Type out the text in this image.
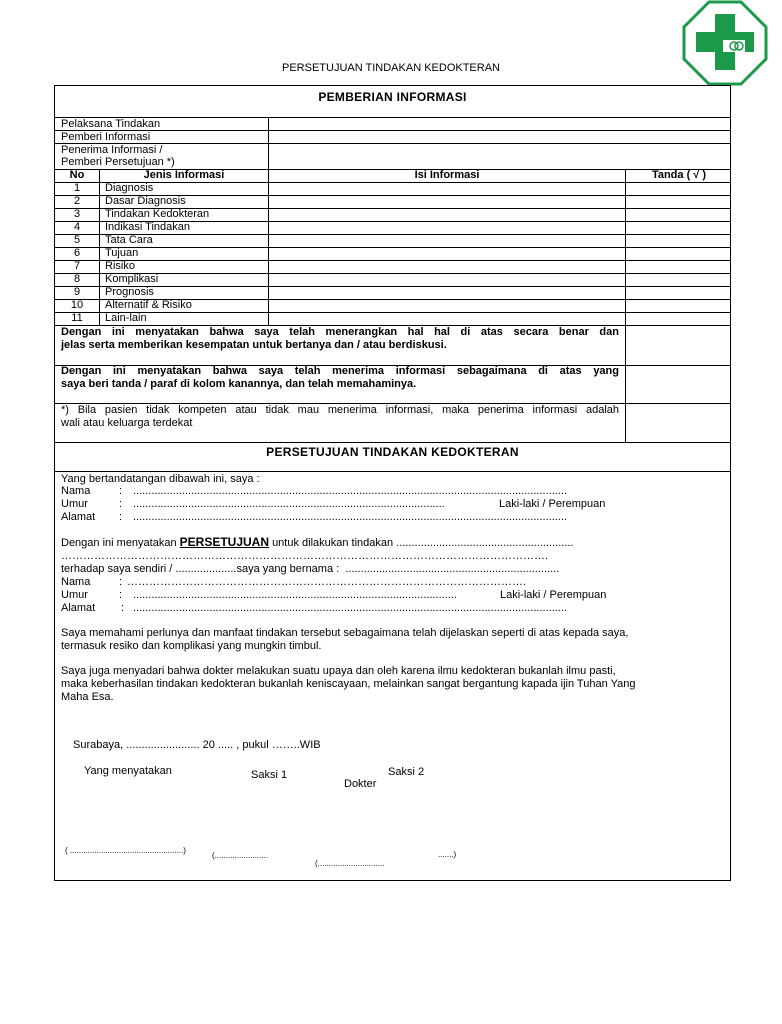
PERSETUJUAN TINDAKAN KEDOKTERAN
PEMBERIAN INFORMASI
Pelaksana Tindakan
Pemberi Informasi
Penerima Informasi /
Pemberi Persetujuan *)
No	Jenis Informasi	Isi Informasi	Tanda ( √ )
1	Diagnosis
2	Dasar Diagnosis
3	Tindakan Kedokteran
4	Indikasi Tindakan
5	Tata Cara
6	Tujuan
7	Risiko
8	Komplikasi
9	Prognosis
10	Alternatif & Risiko
11	Lain-lain
Dengan ini menyatakan bahwa saya telah menerangkan hal hal di atas secara benar dan
jelas serta memberikan kesempatan untuk bertanya dan / atau berdiskusi.
Dengan ini menyatakan bahwa saya telah menerima informasi sebagaimana di atas yang
saya beri tanda / paraf di kolom kanannya, dan telah memahaminya.
*) Bila pasien tidak kompeten atau tidak mau menerima informasi, maka penerima informasi adalah
wali atau keluarga terdekat
PERSETUJUAN TINDAKAN KEDOKTERAN
Yang bertandatangan dibawah ini, saya :
Nama	: ..............................................................................................................................................
Umur	: ......................................................................................................	Laki-laki / Perempuan
Alamat : ..............................................................................................................................................
Dengan ini menyatakan PERSETUJUAN untuk dilakukan tindakan ..........................................................
…………………………………………………………………………………………………………………….
terhadap saya sendiri / ....................saya yang bernama : ......................................................................
Nama	: ……………………………………………………………………………………………….
Umur	: ..........................................................................................................	Laki-laki / Perempuan
Alamat : ..............................................................................................................................................
Saya memahami perlunya dan manfaat tindakan tersebut sebagaimana telah dijelaskan seperti di atas kepada saya,
termasuk resiko dan komplikasi yang mungkin timbul.
Saya juga menyadari bahwa dokter melakukan suatu upaya dan oleh karena ilmu kedokteran bukanlah ilmu pasti,
maka keberhasilan tindakan kedokteran bukanlah keniscayaan, melainkan sangat bergantung kapada ijin Tuhan Yang
Maha Esa.
Surabaya, ........................ 20 ..... , pukul ……..WIB
Yang menyatakan	Saksi 1	Saksi 2
Dokter
( ...................................................)
(........................
(..............................
.......)
